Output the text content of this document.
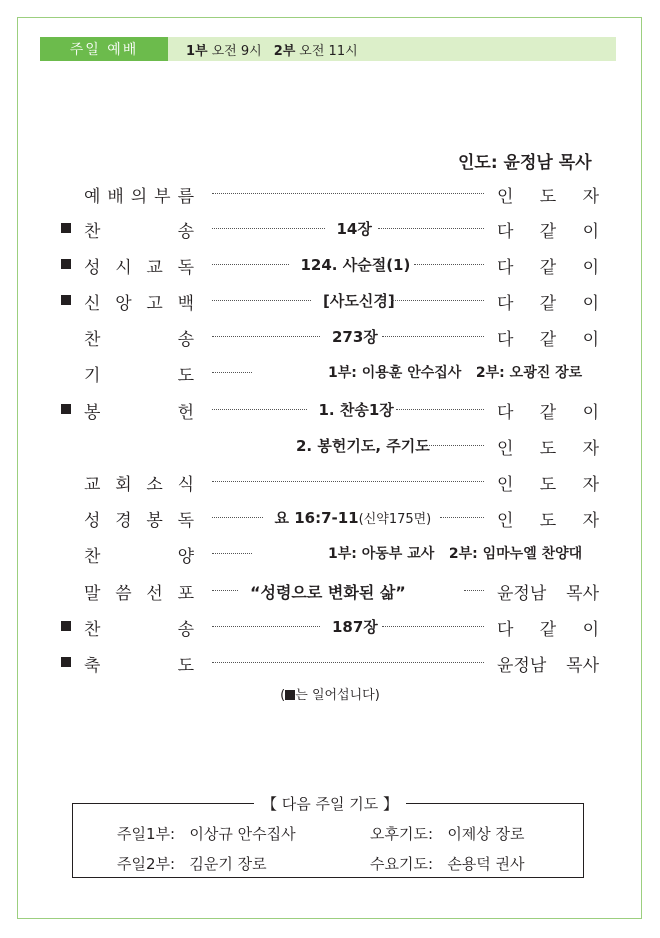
주일 예배	1부 오전 9시 2부 오전 11시
인도: 윤정남 목사
예 배 의 부 름	인 도 자
찬	송	14장	다 같 이
성 시 교 독	124. 사순절(1)	다 같 이
신 앙 고 백	[사도신경]	다 같 이
찬	송	273장	다 같 이
기	도	1부: 이용훈 안수집사   2부: 오광진 장로
봉	헌	1. 찬송1장	다 같 이
2. 봉헌기도, 주기도	인 도 자
교 회 소 식	인 도 자
성 경 봉 독	요 16:7-11(신약175면)	인 도 자
찬	양	1부: 아동부 교사   2부: 임마누엘 찬양대
말 씀 선 포	“성령으로 변화된 삶”	윤정남 목사
찬	송	187장	다 같 이
축	도	윤정남 목사
( 는 일어섭니다)
【 다음 주일 기도 】
주일1부:   이상규 안수집사	오후기도:   이제상 장로
주일2부:   김운기 장로	수요기도:   손용덕 권사
